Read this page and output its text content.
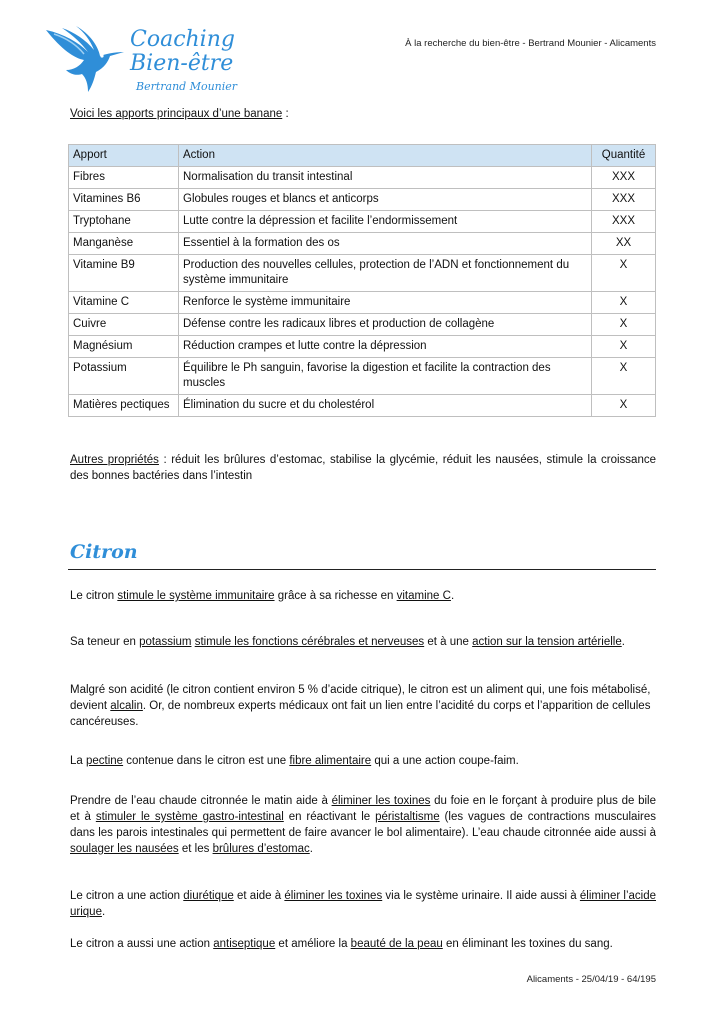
Coaching
Bien-être
Bertrand Mounier
À la recherche du bien-être - Bertrand Mounier - Alicaments
Voici les apports principaux d’une banane :
Apport	Action	Quantité
Fibres	Normalisation du transit intestinal	XXX
Vitamines B6	Globules rouges et blancs et anticorps	XXX
Tryptohane	Lutte contre la dépression et facilite l’endormissement	XXX
Manganèse	Essentiel à la formation des os	XX
Vitamine B9	Production des nouvelles cellules, protection de l’ADN et fonctionnement du système immunitaire	X
Vitamine C	Renforce le système immunitaire	X
Cuivre	Défense contre les radicaux libres et production de collagène	X
Magnésium	Réduction crampes et lutte contre la dépression	X
Potassium	Équilibre le Ph sanguin, favorise la digestion et facilite la contraction des muscles	X
Matières pectiques	Élimination du sucre et du cholestérol	X
Autres propriétés : réduit les brûlures d’estomac, stabilise la glycémie, réduit les nausées, stimule la croissance des bonnes bactéries dans l’intestin
Citron
Le citron stimule le système immunitaire grâce à sa richesse en vitamine C.
Sa teneur en potassium stimule les fonctions cérébrales et nerveuses et à une action sur la tension artérielle.
Malgré son acidité (le citron contient environ 5 % d’acide citrique), le citron est un aliment qui, une fois métabolisé, devient alcalin. Or, de nombreux experts médicaux ont fait un lien entre l’acidité du corps et l’apparition de cellules cancéreuses.
La pectine contenue dans le citron est une fibre alimentaire qui a une action coupe-faim.
Prendre de l’eau chaude citronnée le matin aide à éliminer les toxines du foie en le forçant à produire plus de bile et à stimuler le système gastro-intestinal en réactivant le péristaltisme (les vagues de contractions musculaires dans les parois intestinales qui permettent de faire avancer le bol alimentaire). L’eau chaude citronnée aide aussi à soulager les nausées et les brûlures d’estomac.
Le citron a une action diurétique et aide à éliminer les toxines via le système urinaire. Il aide aussi à éliminer l’acide urique.
Le citron a aussi une action antiseptique et améliore la beauté de la peau en éliminant les toxines du sang.
Alicaments - 25/04/19 - 64/195
